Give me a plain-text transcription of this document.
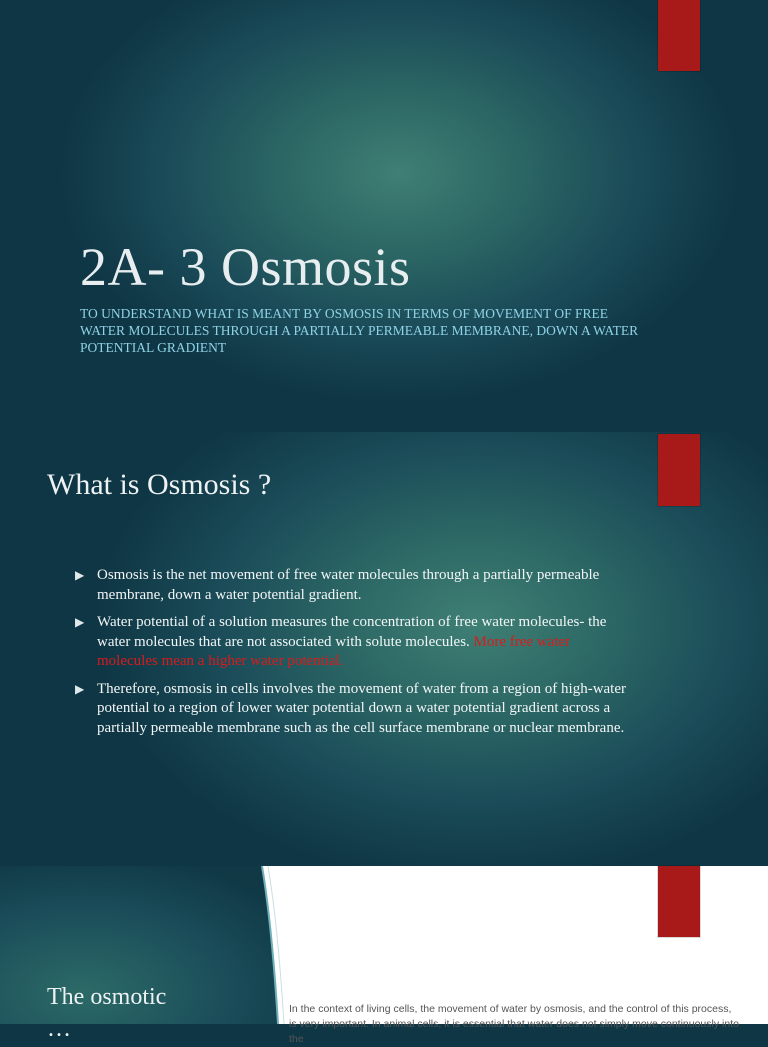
2A- 3 Osmosis

TO UNDERSTAND WHAT IS MEANT BY OSMOSIS IN TERMS OF MOVEMENT OF FREE WATER MOLECULES THROUGH A PARTIALLY PERMEABLE MEMBRANE, DOWN A WATER POTENTIAL GRADIENT

What is Osmosis ?
▶ Osmosis is the net movement of free water molecules through a partially permeable membrane, down a water potential gradient.
▶ Water potential of a solution measures the concentration of free water molecules- the water molecules that are not associated with solute molecules. More free water molecules mean a higher water potential.
▶ Therefore, osmosis in cells involves the movement of water from a region of high-water potential to a region of lower water potential down a water potential gradient across a partially permeable membrane such as the cell surface membrane or nuclear membrane.

In the context of living cells, the movement of water by osmosis, and the control of this process, is very important. In animal cells, it is essential that water does not simply move continuously into the

The osmotic
…
